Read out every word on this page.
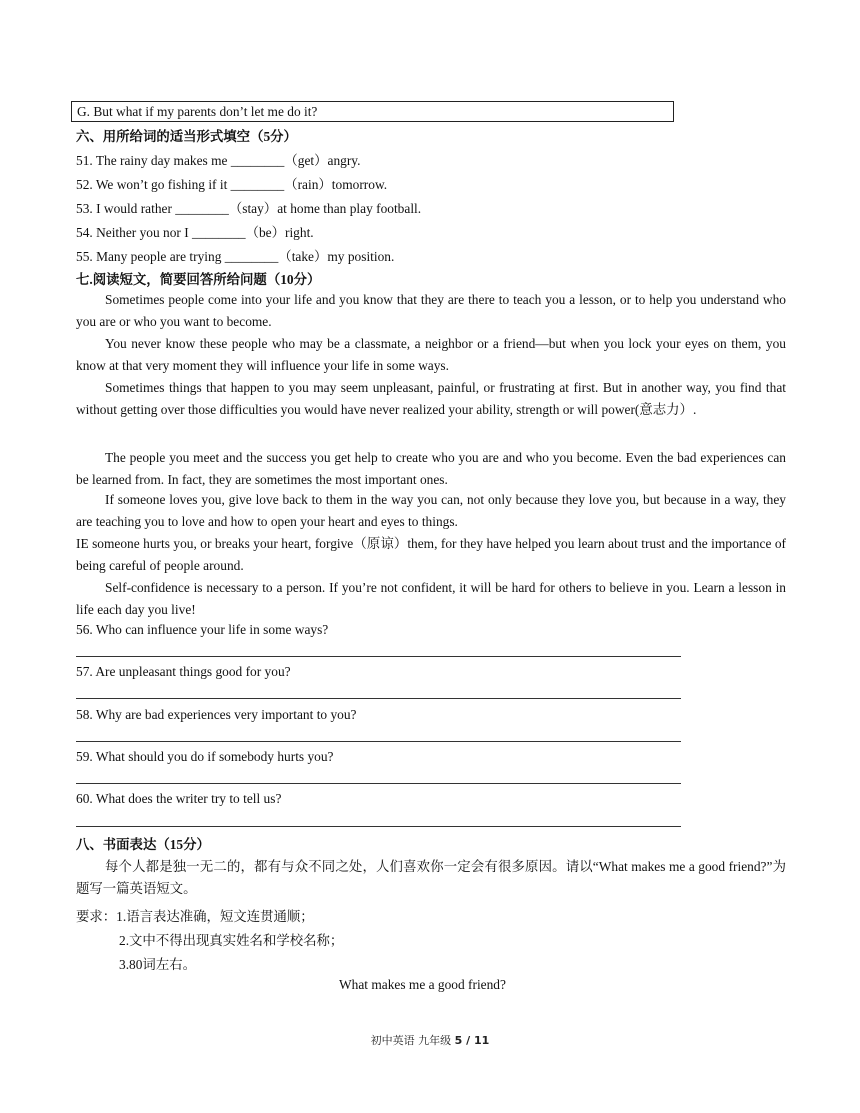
G. But what if my parents don’t let me do it?
六、用所给词的适当形式填空（5分）
51. The rainy day makes me ________（get）angry.
52. We won’t go fishing if it ________（rain）tomorrow.
53. I would rather ________（stay）at home than play football.
54. Neither you nor I ________（be）right.
55. Many people are trying ________（take）my position.
七.阅读短文，简要回答所给问题（10分）
Sometimes people come into your life and you know that they are there to teach you a lesson, or to help you understand who you are or who you want to become.
You never know these people who may be a classmate, a neighbor or a friend—but when you lock your eyes on them, you know at that very moment they will influence your life in some ways.
Sometimes things that happen to you may seem unpleasant, painful, or frustrating at first. But in another way, you find that without getting over those difficulties you would have never realized your ability, strength or will power(意志力）.
The people you meet and the success you get help to create who you are and who you become. Even the bad experiences can be learned from. In fact, they are sometimes the most important ones.
If someone loves you, give love back to them in the way you can, not only because they love you, but because in a way, they are teaching you to love and how to open your heart and eyes to things.
IE someone hurts you, or breaks your heart, forgive（原谅）them, for they have helped you learn about trust and the importance of being careful of people around.
Self-confidence is necessary to a person. If you’re not confident, it will be hard for others to believe in you. Learn a lesson in life each day you live!
56. Who can influence your life in some ways?
57. Are unpleasant things good for you?
58. Why are bad experiences very important to you?
59. What should you do if somebody hurts you?
60. What does the writer try to tell us?
八、书面表达（15分）
每个人都是独一无二的，都有与众不同之处，人们喜欢你一定会有很多原因。请以“What makes me a good friend?”为题写一篇英语短文。
要求：1.语言表达准确，短文连贯通顺；
2.文中不得出现真实姓名和学校名称；
3.80词左右。
What makes me a good friend?
初中英语 九年级 5 / 11
